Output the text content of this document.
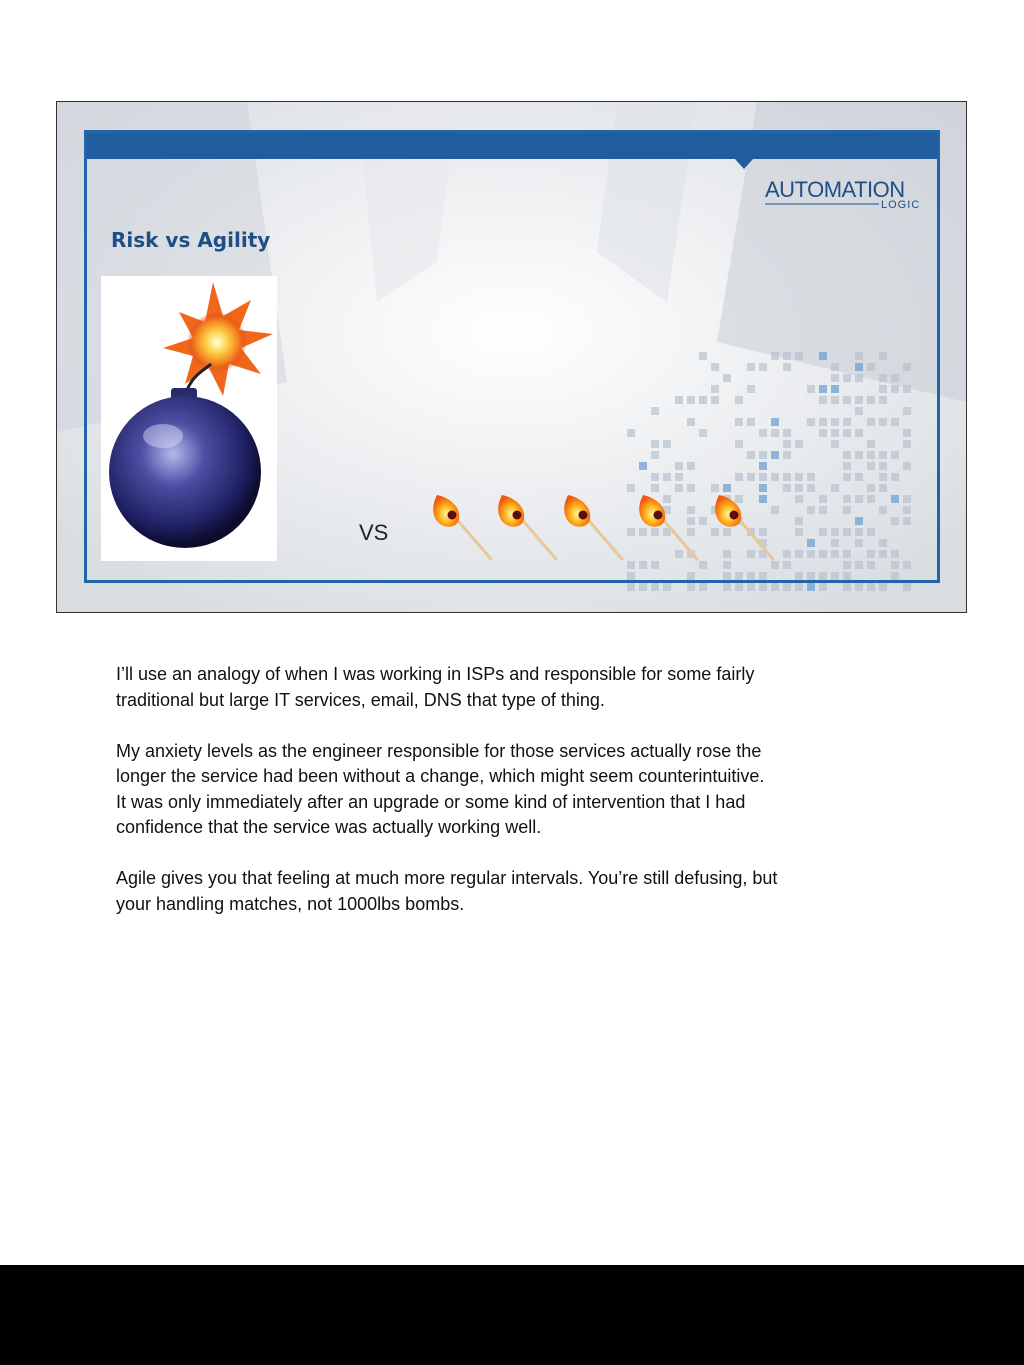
AUTOMATION
LOGIC
Risk vs Agility
VS

I’ll use an analogy of when I was working in ISPs and responsible for some fairly
traditional but large IT services, email, DNS that type of thing.

My anxiety levels as the engineer responsible for those services actually rose the
longer the service had been without a change, which might seem counterintuitive.
It was only immediately after an upgrade or some kind of intervention that I had
confidence that the service was actually working well.

Agile gives you that feeling at much more regular intervals. You’re still defusing, but
your handling matches, not 1000lbs bombs.
